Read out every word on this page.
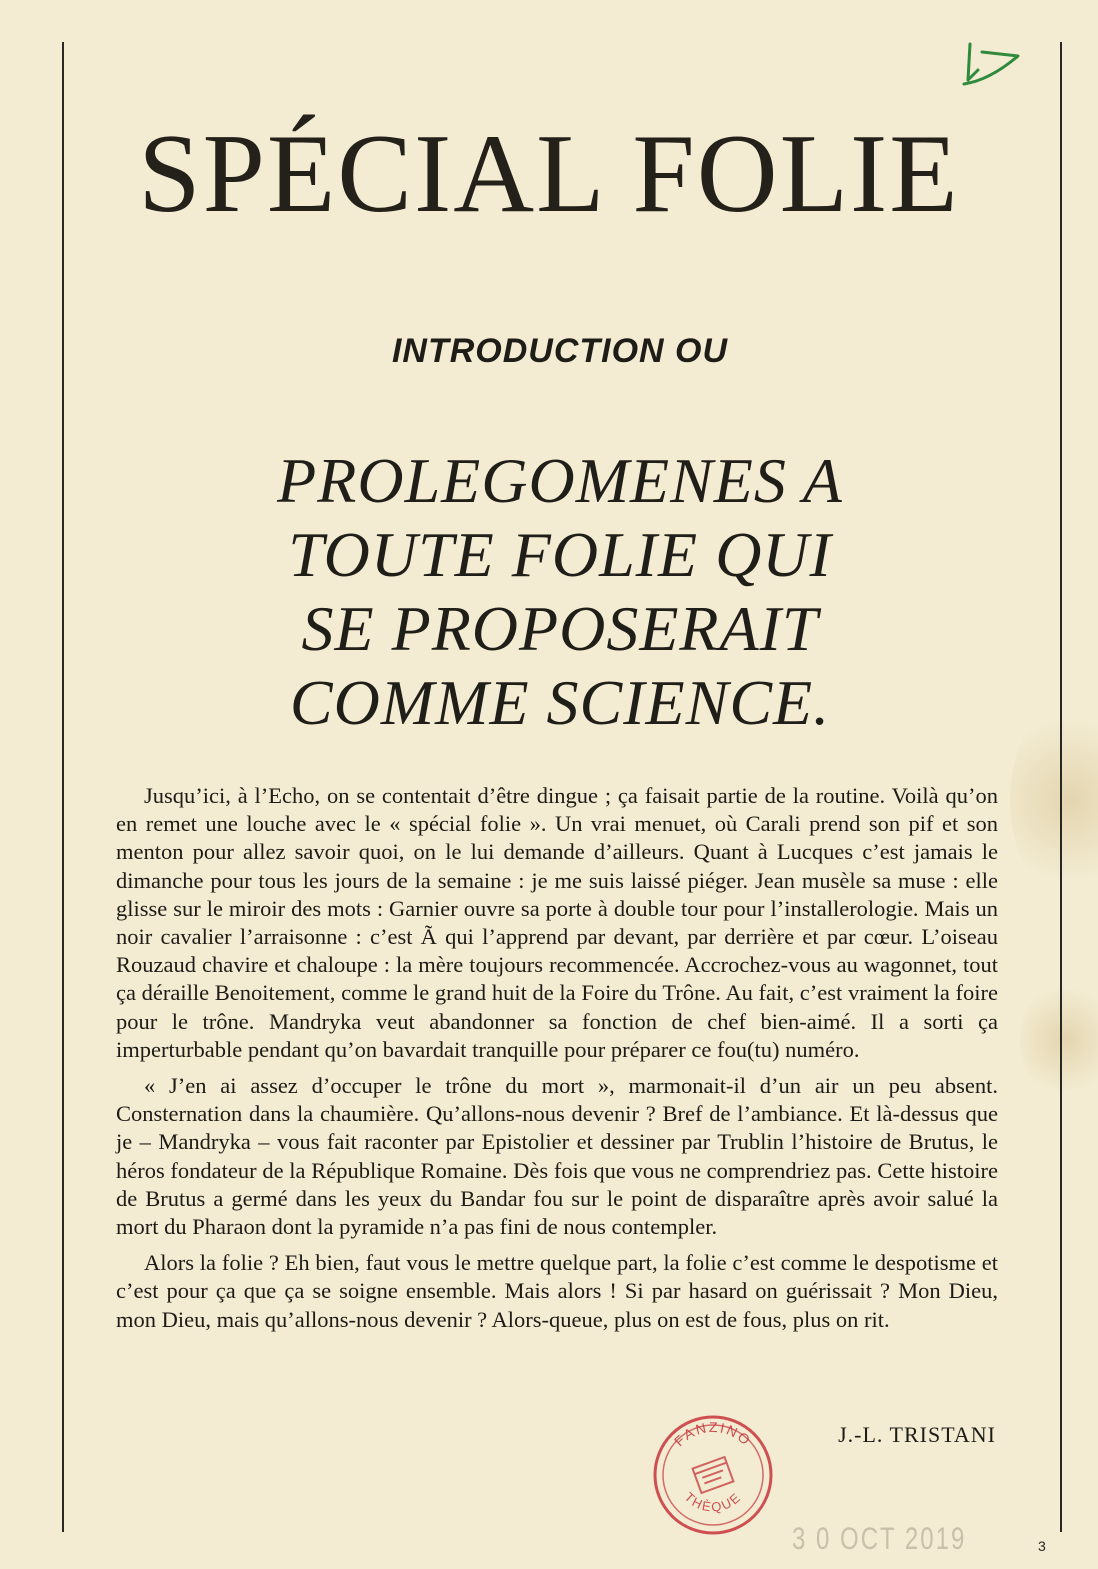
SPÉCIAL FOLIE
INTRODUCTION OU
PROLEGOMENES A
TOUTE FOLIE QUI
SE PROPOSERAIT
COMME SCIENCE.

Jusqu’ici, à l’Echo, on se contentait d’être dingue ; ça faisait partie de la routine. Voilà qu’on en remet une louche avec le « spécial folie ». Un vrai menuet, où Carali prend son pif et son menton pour allez savoir quoi, on le lui demande d’ailleurs. Quant à Lucques c’est jamais le dimanche pour tous les jours de la semaine : je me suis laissé piéger. Jean musèle sa muse : elle glisse sur le miroir des mots : Garnier ouvre sa porte à double tour pour l’installerologie. Mais un noir cavalier l’arraisonne : c’est Ã qui l’apprend par devant, par derrière et par cœur. L’oiseau Rouzaud chavire et chaloupe : la mère toujours recommencée. Accrochez-vous au wagonnet, tout ça déraille Benoitement, comme le grand huit de la Foire du Trône. Au fait, c’est vraiment la foire pour le trône. Mandryka veut abandonner sa fonction de chef bien-aimé. Il a sorti ça imperturbable pendant qu’on bavardait tranquille pour préparer ce fou(tu) numéro.

« J’en ai assez d’occuper le trône du mort », marmonait-il d’un air un peu absent. Consternation dans la chaumière. Qu’allons-nous devenir ? Bref de l’ambiance. Et là-dessus que je – Mandryka – vous fait raconter par Epistolier et dessiner par Trublin l’histoire de Brutus, le héros fondateur de la République Romaine. Dès fois que vous ne comprendriez pas. Cette histoire de Brutus a germé dans les yeux du Bandar fou sur le point de disparaître après avoir salué la mort du Pharaon dont la pyramide n’a pas fini de nous contempler.

Alors la folie ? Eh bien, faut vous le mettre quelque part, la folie c’est comme le despotisme et c’est pour ça que ça se soigne ensemble. Mais alors ! Si par hasard on guérissait ? Mon Dieu, mon Dieu, mais qu’allons-nous devenir ? Alors-queue, plus on est de fous, plus on rit.

FANZINO
THÈQUE
J.-L. TRISTANI
3 0 OCT 2019	3
